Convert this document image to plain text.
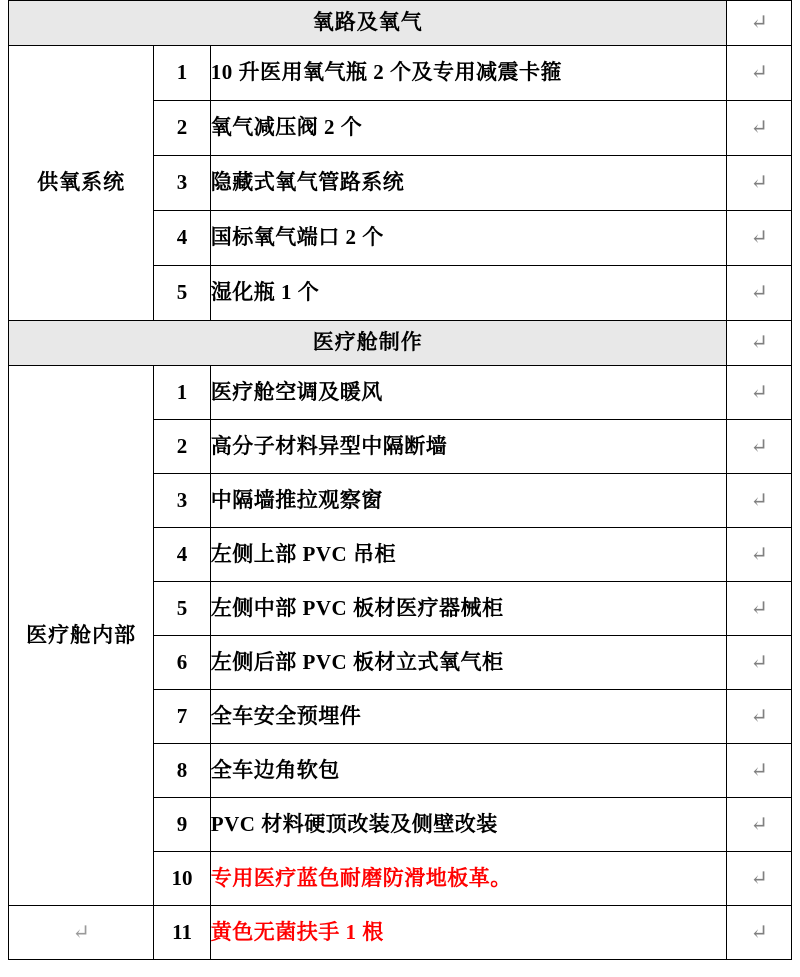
氧路及氧气			↵
供氧系统	1	10 升医用氧气瓶 2 个及专用减震卡箍	↵
	2	氧气减压阀 2 个	↵
	3	隐藏式氧气管路系统	↵
	4	国标氧气端口 2 个	↵
	5	湿化瓶 1 个	↵
医疗舱制作			↵
医疗舱内部	1	医疗舱空调及暖风	↵
	2	高分子材料异型中隔断墙	↵
	3	中隔墙推拉观察窗	↵
	4	左侧上部 PVC 吊柜	↵
	5	左侧中部 PVC 板材医疗器械柜	↵
	6	左侧后部 PVC 板材立式氧气柜	↵
	7	全车安全预埋件	↵
	8	全车边角软包	↵
	9	PVC 材料硬顶改装及侧壁改装	↵
	10	专用医疗蓝色耐磨防滑地板革。	↵
↵	11	黄色无菌扶手 1 根	↵
